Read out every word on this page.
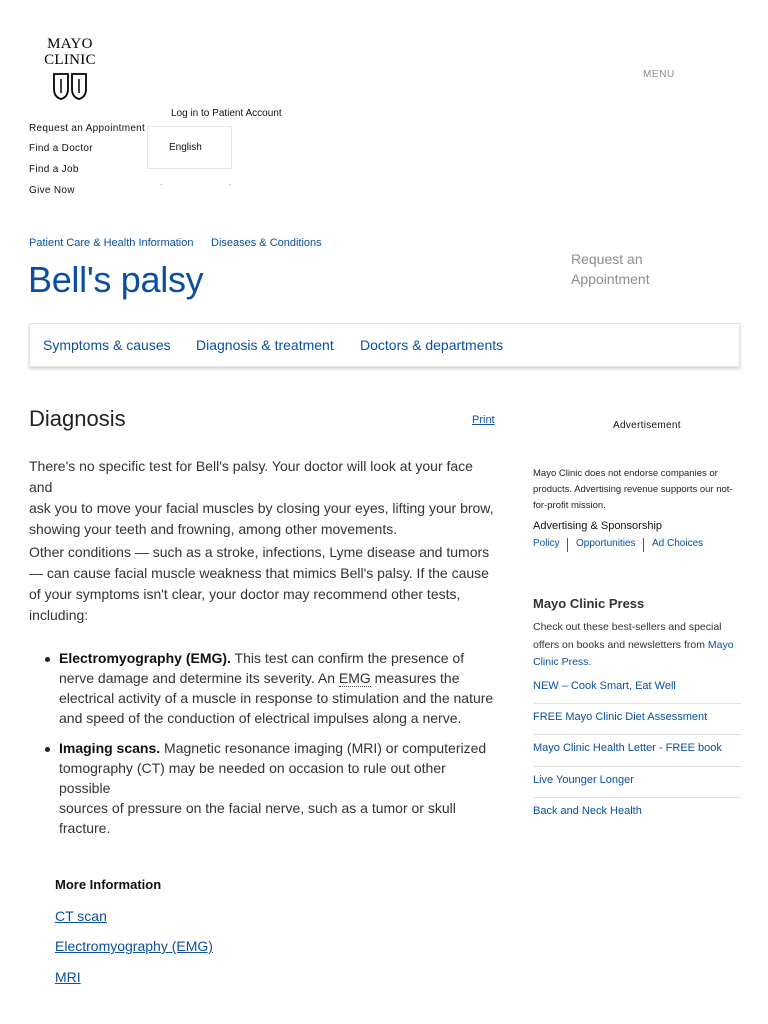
MAYO
CLINIC
MENU
Log in to Patient Account
Request an Appointment
Find a Doctor
Find a Job
Give Now
English
Patient Care & Health Information Diseases & Conditions
Bell's palsy	Request an
Appointment
Symptoms & causes Diagnosis & treatment Doctors & departments
Diagnosis	Print
There's no specific test for Bell's palsy. Your doctor will look at your face and
ask you to move your facial muscles by closing your eyes, lifting your brow,
showing your teeth and frowning, among other movements.
Other conditions — such as a stroke, infections, Lyme disease and tumors
— can cause facial muscle weakness that mimics Bell's palsy. If the cause
of your symptoms isn't clear, your doctor may recommend other tests,
including:
Electromyography (EMG). This test can confirm the presence of
nerve damage and determine its severity. An EMG measures the
electrical activity of a muscle in response to stimulation and the nature
and speed of the conduction of electrical impulses along a nerve.
Imaging scans. Magnetic resonance imaging (MRI) or computerized
tomography (CT) may be needed on occasion to rule out other possible
sources of pressure on the facial nerve, such as a tumor or skull
fracture.
More Information
CT scan
Electromyography (EMG)
MRI
Advertisement
Mayo Clinic does not endorse companies or
products. Advertising revenue supports our not-
for-profit mission.
Advertising & Sponsorship
Policy Opportunities Ad Choices
Mayo Clinic Press
Check out these best-sellers and special
offers on books and newsletters from Mayo
Clinic Press.
NEW – Cook Smart, Eat Well
FREE Mayo Clinic Diet Assessment
Mayo Clinic Health Letter - FREE book
Live Younger Longer
Back and Neck Health
